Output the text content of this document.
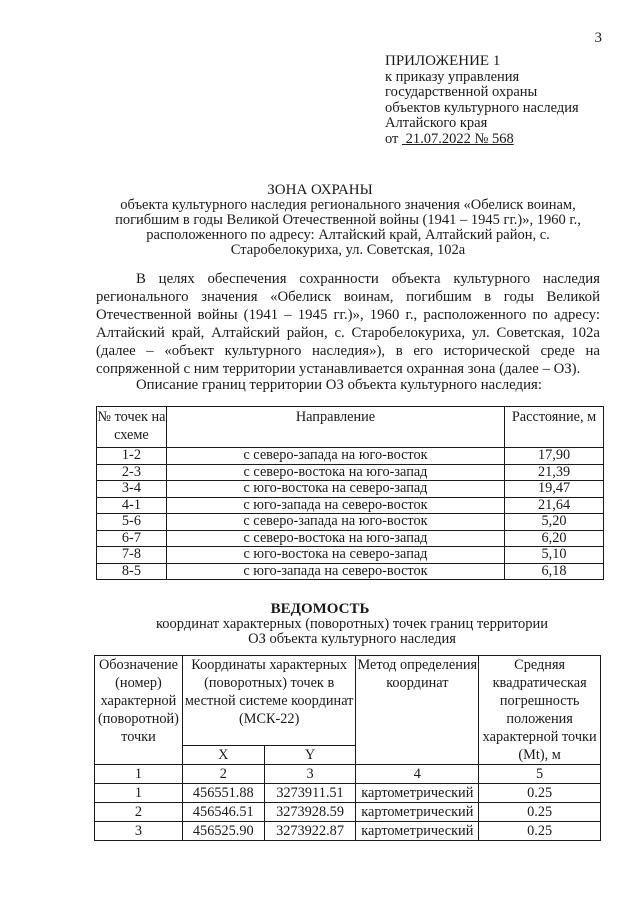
3
ПРИЛОЖЕНИЕ 1
к приказу управления
государственной охраны
объектов культурного наследия
Алтайского края
от 21.07.2022 № 568
ЗОНА ОХРАНЫ
объекта культурного наследия регионального значения «Обелиск воинам, погибшим в годы Великой Отечественной войны (1941 – 1945 гг.)», 1960 г., расположенного по адресу: Алтайский край, Алтайский район, с. Старобелокуриха, ул. Советская, 102а
В целях обеспечения сохранности объекта культурного наследия регионального значения «Обелиск воинам, погибшим в годы Великой Отечественной войны (1941 – 1945 гг.)», 1960 г., расположенного по адресу: Алтайский край, Алтайский район, с. Старобелокуриха, ул. Советская, 102а (далее – «объект культурного наследия»), в его исторической среде на сопряженной с ним территории устанавливается охранная зона (далее – ОЗ).
Описание границ территории ОЗ объекта культурного наследия:
№ точек на схеме	Направление	Расстояние, м
1-2	с северо-запада на юго-восток	17,90
2-3	с северо-востока на юго-запад	21,39
3-4	с юго-востока на северо-запад	19,47
4-1	с юго-запада на северо-восток	21,64
5-6	с северо-запада на юго-восток	5,20
6-7	с северо-востока на юго-запад	6,20
7-8	с юго-востока на северо-запад	5,10
8-5	с юго-запада на северо-восток	6,18
ВЕДОМОСТЬ
координат характерных (поворотных) точек границ территории ОЗ объекта культурного наследия
Обозначение (номер) характерной (поворотной) точки	Координаты характерных (поворотных) точек в местной системе координат (МСК-22)		Метод определения координат	Средняя квадратическая погрешность положения характерной точки (Mt), м
	X	Y		
1	2	3	4	5
1	456551.88	3273911.51	картометрический	0.25
2	456546.51	3273928.59	картометрический	0.25
3	456525.90	3273922.87	картометрический	0.25
